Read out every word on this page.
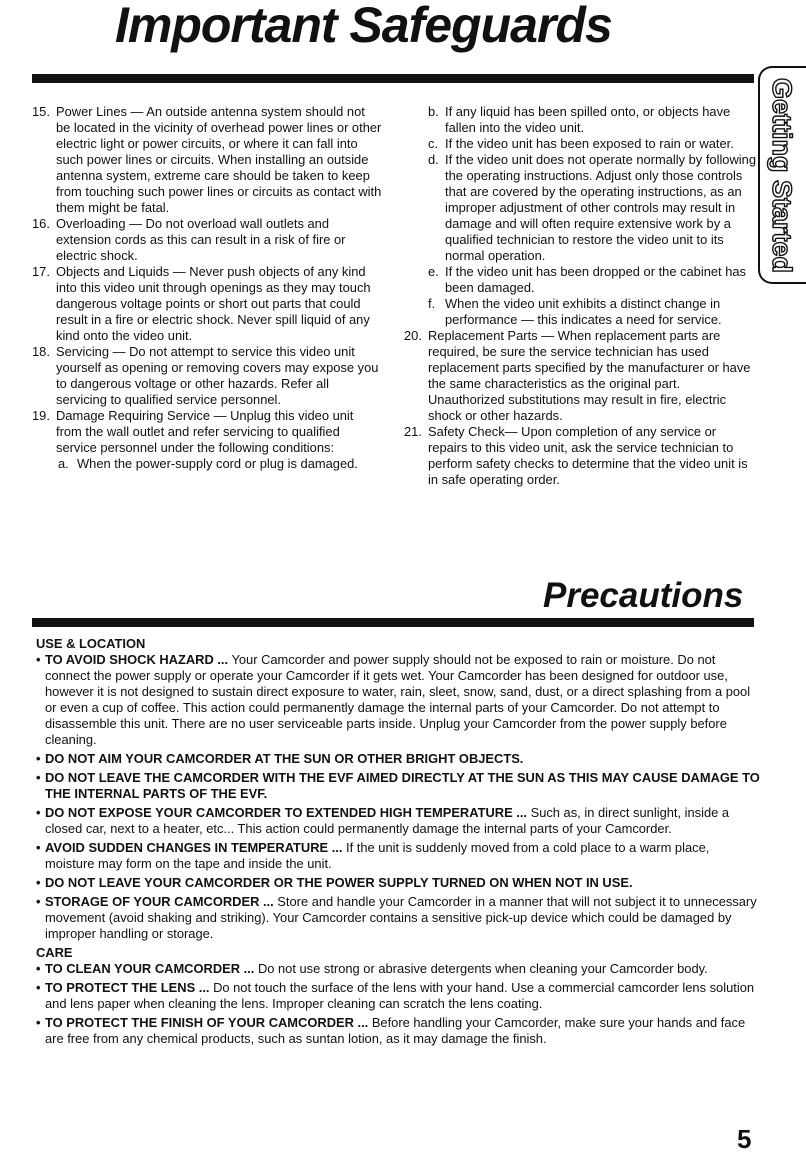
Important Safeguards
Getting Started

15. Power Lines — An outside antenna system should not be located in the vicinity of overhead power lines or other electric light or power circuits, or where it can fall into such power lines or circuits. When installing an outside antenna system, extreme care should be taken to keep from touching such power lines or circuits as contact with them might be fatal.

16. Overloading — Do not overload wall outlets and extension cords as this can result in a risk of fire or electric shock.

17. Objects and Liquids — Never push objects of any kind into this video unit through openings as they may touch dangerous voltage points or short out parts that could result in a fire or electric shock. Never spill liquid of any kind onto the video unit.

18. Servicing — Do not attempt to service this video unit yourself as opening or removing covers may expose you to dangerous voltage or other hazards. Refer all servicing to qualified service personnel.

19. Damage Requiring Service — Unplug this video unit from the wall outlet and refer servicing to qualified service personnel under the following conditions:

a. When the power-supply cord or plug is damaged.

b. If any liquid has been spilled onto, or objects have fallen into the video unit.

c. If the video unit has been exposed to rain or water.

d. If the video unit does not operate normally by following the operating instructions. Adjust only those controls that are covered by the operating instructions, as an improper adjustment of other controls may result in damage and will often require extensive work by a qualified technician to restore the video unit to its normal operation.

e. If the video unit has been dropped or the cabinet has been damaged.

f. When the video unit exhibits a distinct change in performance — this indicates a need for service.

20. Replacement Parts — When replacement parts are required, be sure the service technician has used replacement parts specified by the manufacturer or have the same characteristics as the original part. Unauthorized substitutions may result in fire, electric shock or other hazards.

21. Safety Check— Upon completion of any service or repairs to this video unit, ask the service technician to perform safety checks to determine that the video unit is in safe operating order.

Precautions

USE & LOCATION

• TO AVOID SHOCK HAZARD ... Your Camcorder and power supply should not be exposed to rain or moisture. Do not connect the power supply or operate your Camcorder if it gets wet. Your Camcorder has been designed for outdoor use, however it is not designed to sustain direct exposure to water, rain, sleet, snow, sand, dust, or a direct splashing from a pool or even a cup of coffee. This action could permanently damage the internal parts of your Camcorder. Do not attempt to disassemble this unit. There are no user serviceable parts inside. Unplug your Camcorder from the power supply before cleaning.

• DO NOT AIM YOUR CAMCORDER AT THE SUN OR OTHER BRIGHT OBJECTS.

• DO NOT LEAVE THE CAMCORDER WITH THE EVF AIMED DIRECTLY AT THE SUN AS THIS MAY CAUSE DAMAGE TO THE INTERNAL PARTS OF THE EVF.

• DO NOT EXPOSE YOUR CAMCORDER TO EXTENDED HIGH TEMPERATURE ... Such as, in direct sunlight, inside a closed car, next to a heater, etc... This action could permanently damage the internal parts of your Camcorder.

• AVOID SUDDEN CHANGES IN TEMPERATURE ... If the unit is suddenly moved from a cold place to a warm place, moisture may form on the tape and inside the unit.

• DO NOT LEAVE YOUR CAMCORDER OR THE POWER SUPPLY TURNED ON WHEN NOT IN USE.

• STORAGE OF YOUR CAMCORDER ... Store and handle your Camcorder in a manner that will not subject it to unnecessary movement (avoid shaking and striking). Your Camcorder contains a sensitive pick-up device which could be damaged by improper handling or storage.

CARE

• TO CLEAN YOUR CAMCORDER ... Do not use strong or abrasive detergents when cleaning your Camcorder body.

• TO PROTECT THE LENS ... Do not touch the surface of the lens with your hand. Use a commercial camcorder lens solution and lens paper when cleaning the lens. Improper cleaning can scratch the lens coating.

• TO PROTECT THE FINISH OF YOUR CAMCORDER ... Before handling your Camcorder, make sure your hands and face are free from any chemical products, such as suntan lotion, as it may damage the finish.

5
